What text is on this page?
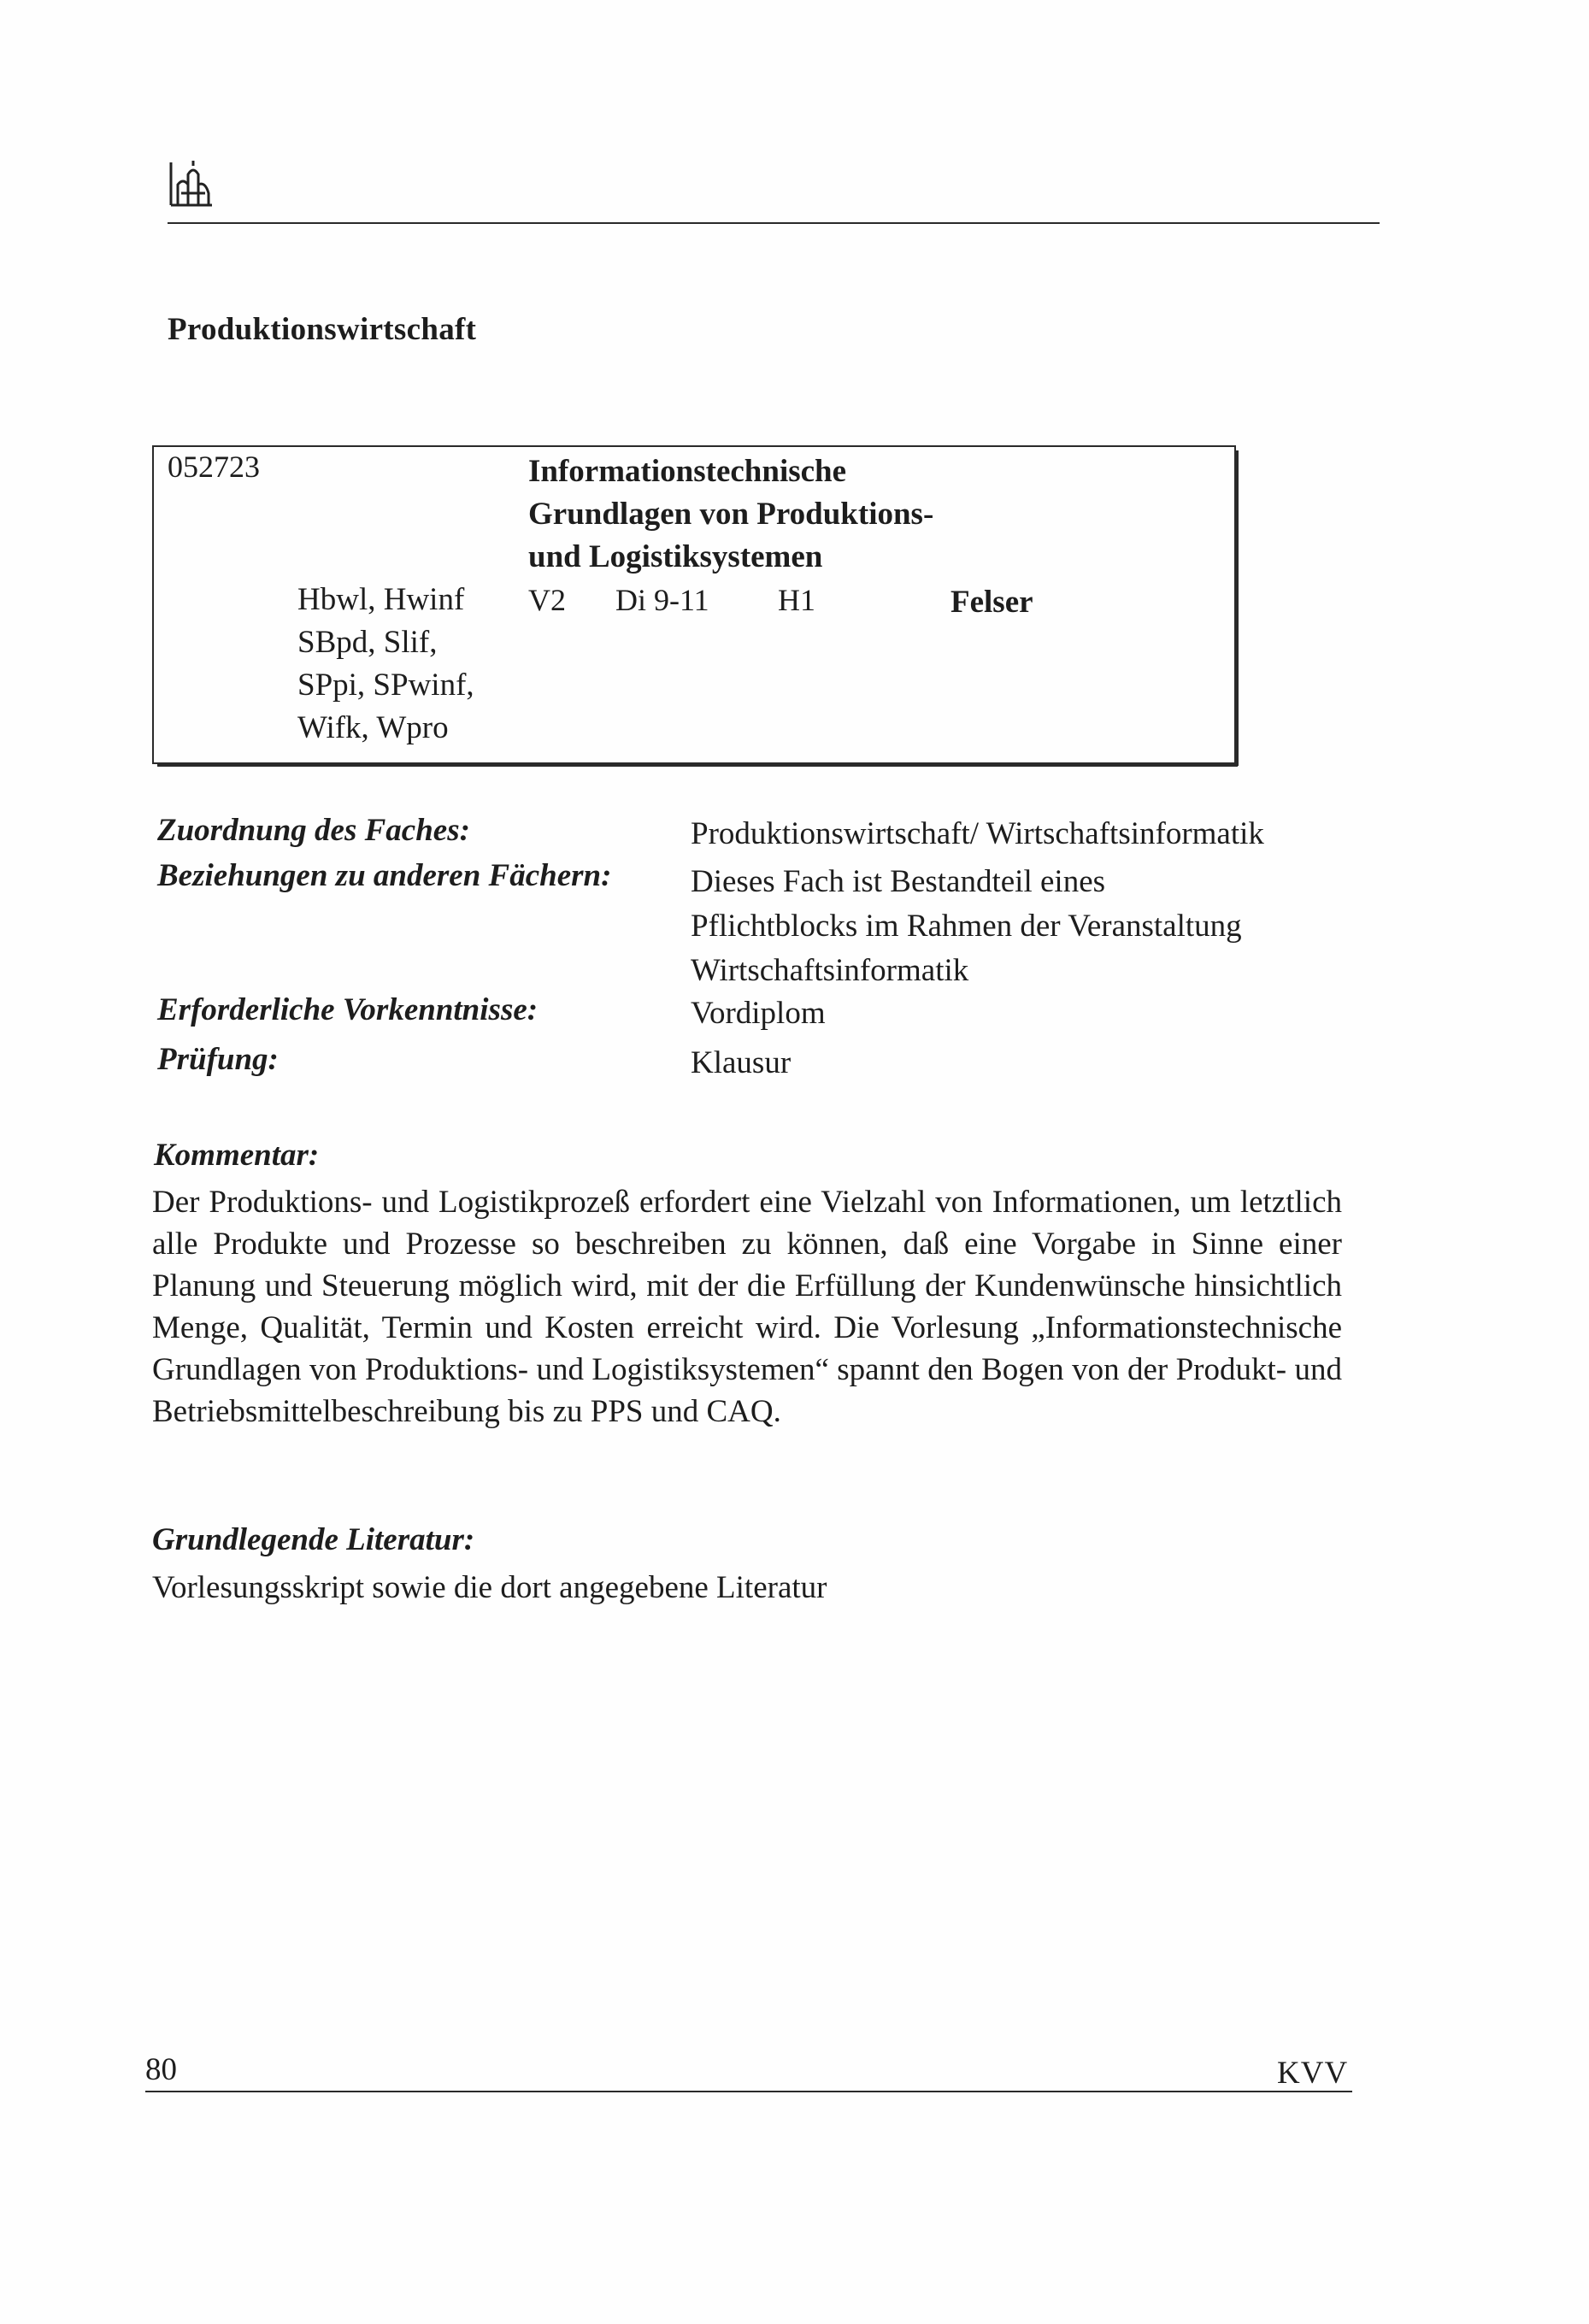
Produktionswirtschaft
052723	Informationstechnische
Grundlagen von Produktions-
und Logistiksystemen
Hbwl, Hwinf
SBpd, Slif,
SPpi, SPwinf,
Wifk, Wpro
V2 Di 9-11 H1	Felser
Zuordnung des Faches:	Produktionswirtschaft/ Wirtschaftsinformatik
Beziehungen zu anderen Fächern:	Dieses Fach ist Bestandteil eines
Pflichtblocks im Rahmen der Veranstaltung
Wirtschaftsinformatik
Erforderliche Vorkenntnisse:	Vordiplom
Prüfung:	Klausur
Kommentar:
Der Produktions- und Logistikprozeß erfordert eine Vielzahl von Informationen, um letztlich alle Produkte und Prozesse so beschreiben zu können, daß eine Vorgabe in Sinne einer Planung und Steuerung möglich wird, mit der die Erfüllung der Kundenwünsche hinsichtlich Menge, Qualität, Termin und Kosten erreicht wird. Die Vorlesung „Informationstechnische Grundlagen von Produktions- und Logistiksystemen“ spannt den Bogen von der Produkt- und Betriebsmittelbeschreibung bis zu PPS und CAQ.
Grundlegende Literatur:
Vorlesungsskript sowie die dort angegebene Literatur
80	KVV
